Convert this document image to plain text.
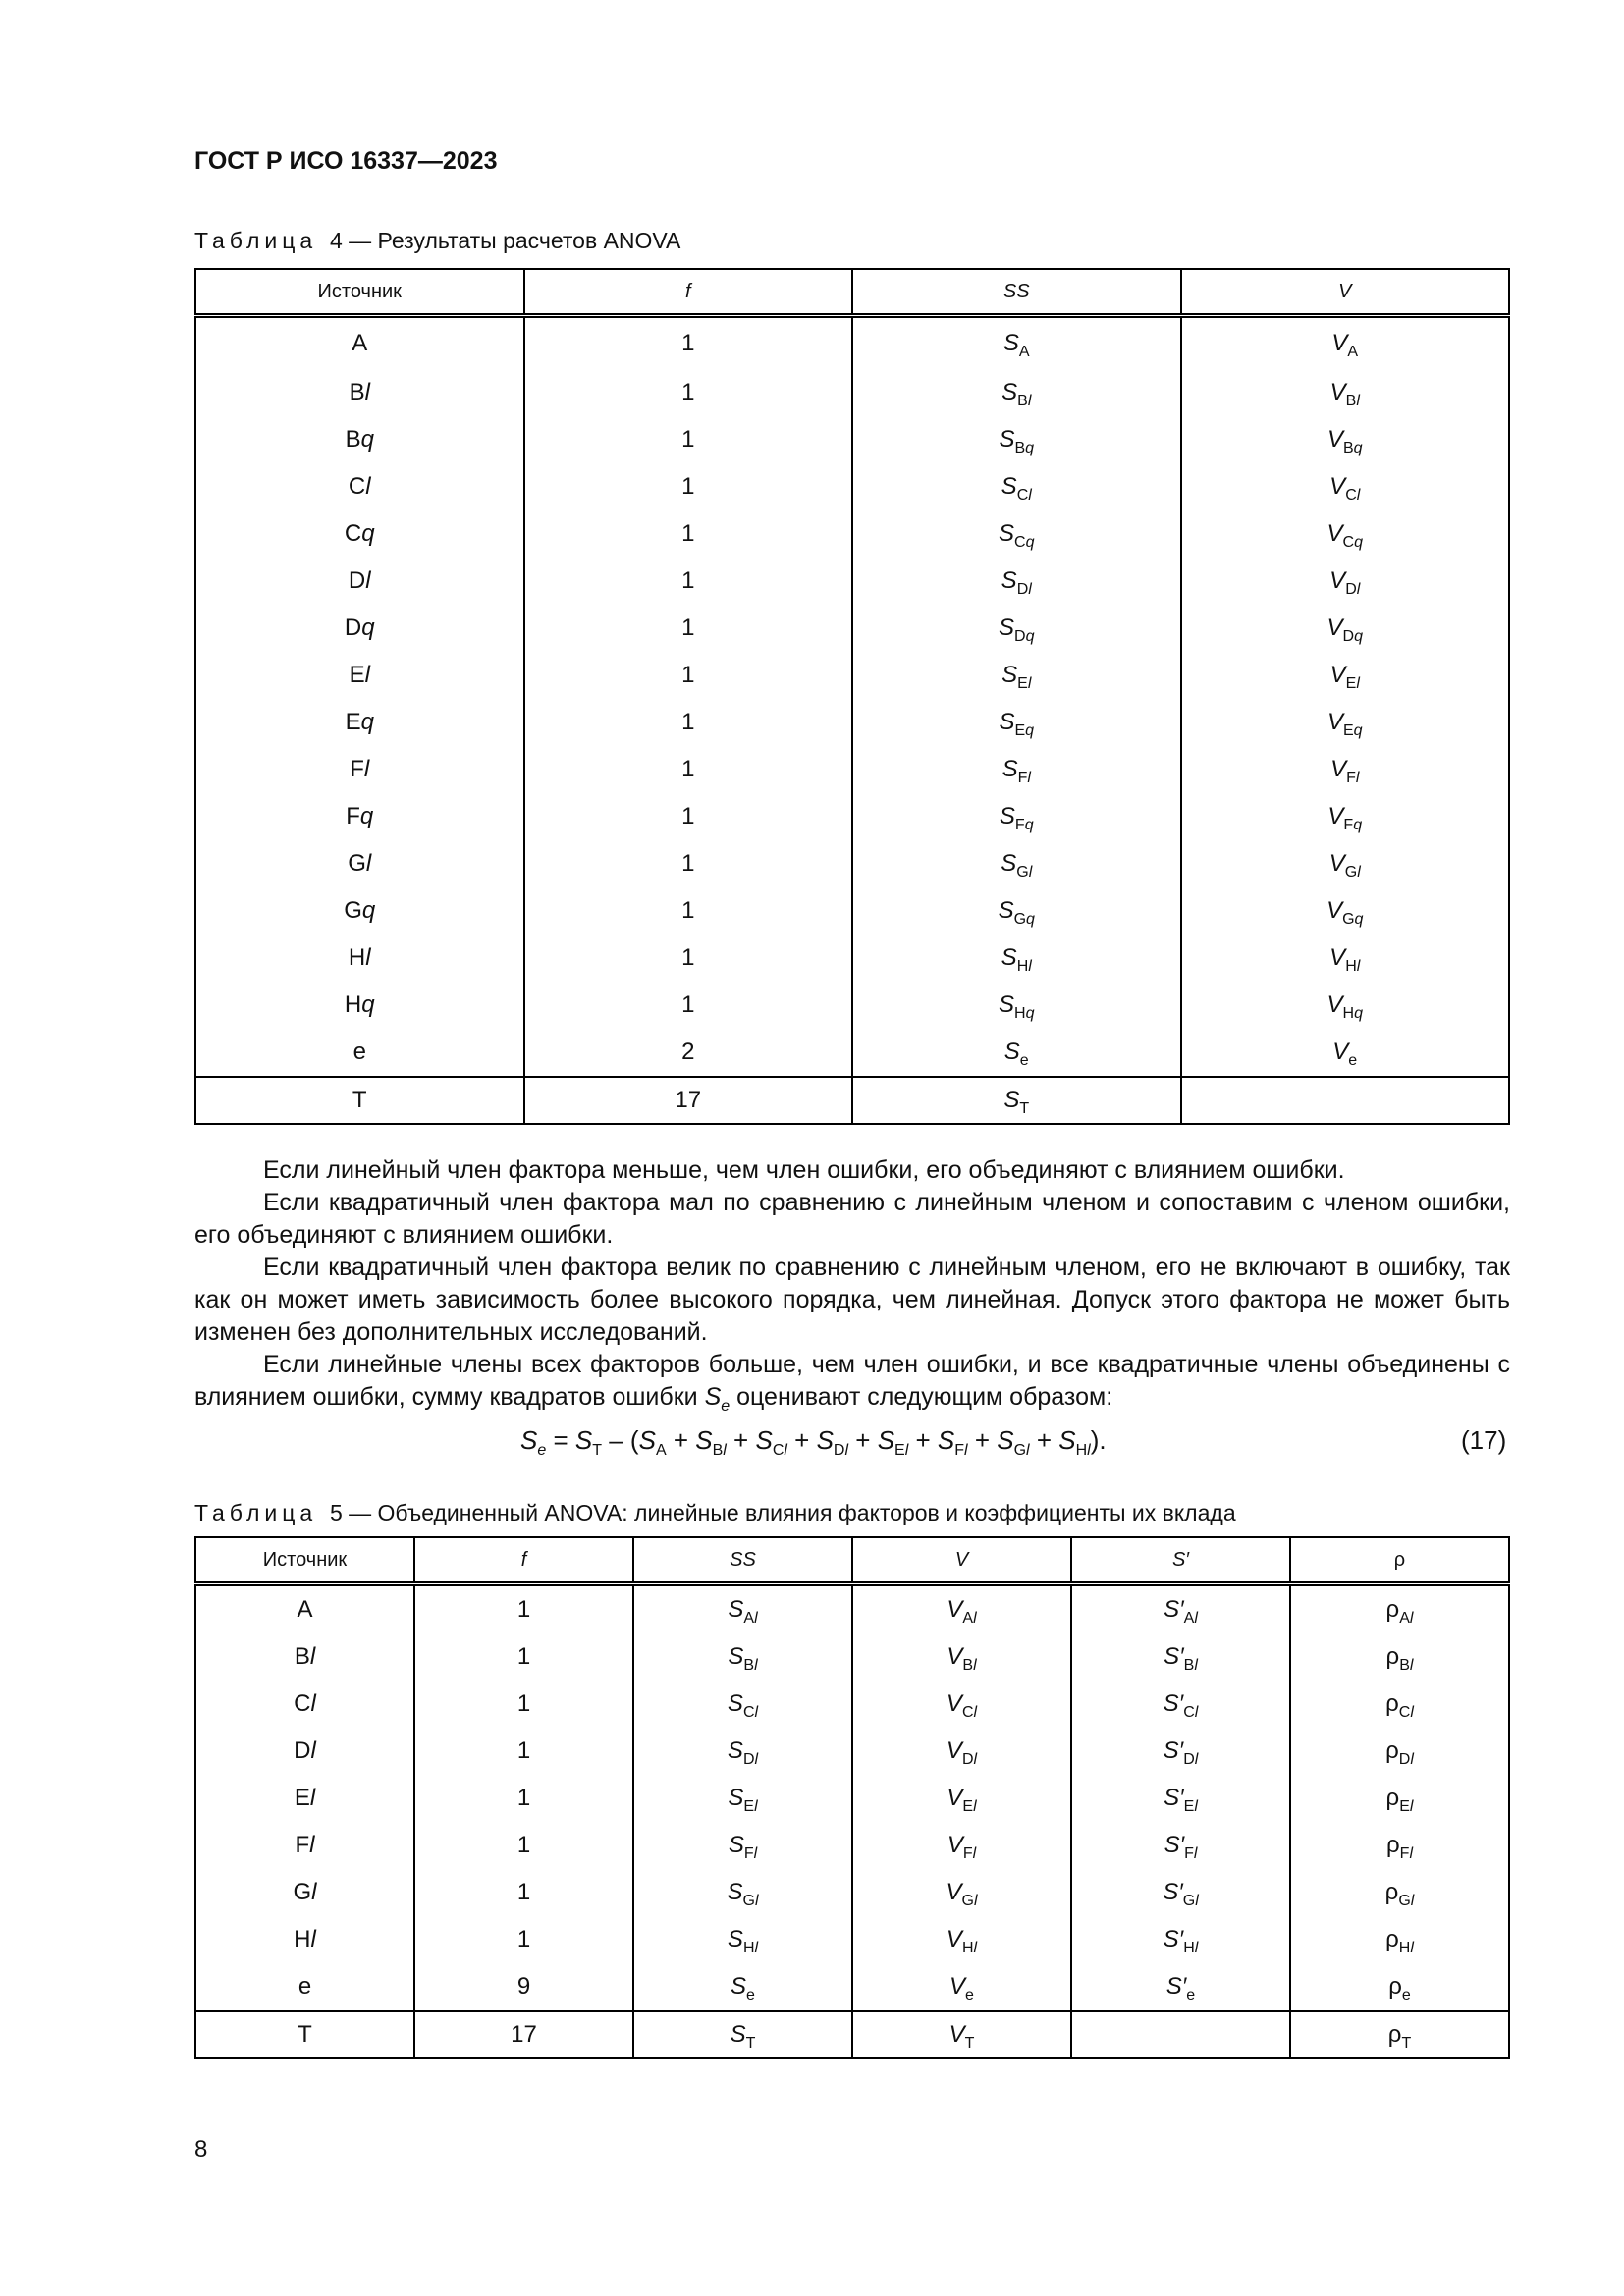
ГОСТ Р ИСО 16337—2023
Таблица 4 — Результаты расчетов ANOVA
Источник	f	SS	V
A	1	$S_A$	$V_A$
Bl	1	$S_{Bl}$	$V_{Bl}$
Bq	1	$S_{Bq}$	$V_{Bq}$
Cl	1	$S_{Cl}$	$V_{Cl}$
Cq	1	$S_{Cq}$	$V_{Cq}$
Dl	1	$S_{Dl}$	$V_{Dl}$
Dq	1	$S_{Dq}$	$V_{Dq}$
El	1	$S_{El}$	$V_{El}$
Eq	1	$S_{Eq}$	$V_{Eq}$
Fl	1	$S_{Fl}$	$V_{Fl}$
Fq	1	$S_{Fq}$	$V_{Fq}$
Gl	1	$S_{Gl}$	$V_{Gl}$
Gq	1	$S_{Gq}$	$V_{Gq}$
Hl	1	$S_{Hl}$	$V_{Hl}$
Hq	1	$S_{Hq}$	$V_{Hq}$
e	2	$S_e$	$V_e$
T	17	$S_T$	

Если линейный член фактора меньше, чем член ошибки, его объединяют с влиянием ошибки.

Если квадратичный член фактора мал по сравнению с линейным членом и сопоставим с членом ошибки, его объединяют с влиянием ошибки.

Если квадратичный член фактора велик по сравнению с линейным членом, его не включают в ошибку, так как он может иметь зависимость более высокого порядка, чем линейная. Допуск этого фактора не может быть изменен без дополнительных исследований.

Если линейные члены всех факторов больше, чем член ошибки, и все квадратичные члены объединены с влиянием ошибки, сумму квадратов ошибки $S_e$ оценивают следующим образом:

$S_e = S_T - (S_A + S_{Bl} + S_{Cl} + S_{Dl} + S_{El} + S_{Fl} + S_{Gl} + S_{Hl})$.	(17)
Таблица 5 — Объединенный ANOVA: линейные влияния факторов и коэффициенты их вклада
Источник	f	SS	V	S′	ρ
A	1	$S_{Al}$	$V_{Al}$	$S'_{Al}$	$\rho_{Al}$
Bl	1	$S_{Bl}$	$V_{Bl}$	$S'_{Bl}$	$\rho_{Bl}$
Cl	1	$S_{Cl}$	$V_{Cl}$	$S'_{Cl}$	$\rho_{Cl}$
Dl	1	$S_{Dl}$	$V_{Dl}$	$S'_{Dl}$	$\rho_{Dl}$
El	1	$S_{El}$	$V_{El}$	$S'_{El}$	$\rho_{El}$
Fl	1	$S_{Fl}$	$V_{Fl}$	$S'_{Fl}$	$\rho_{Fl}$
Gl	1	$S_{Gl}$	$V_{Gl}$	$S'_{Gl}$	$\rho_{Gl}$
Hl	1	$S_{Hl}$	$V_{Hl}$	$S'_{Hl}$	$\rho_{Hl}$
e	9	$S_e$	$V_e$	$S'_e$	$\rho_e$
T	17	$S_T$	$V_T$		$\rho_T$
8
